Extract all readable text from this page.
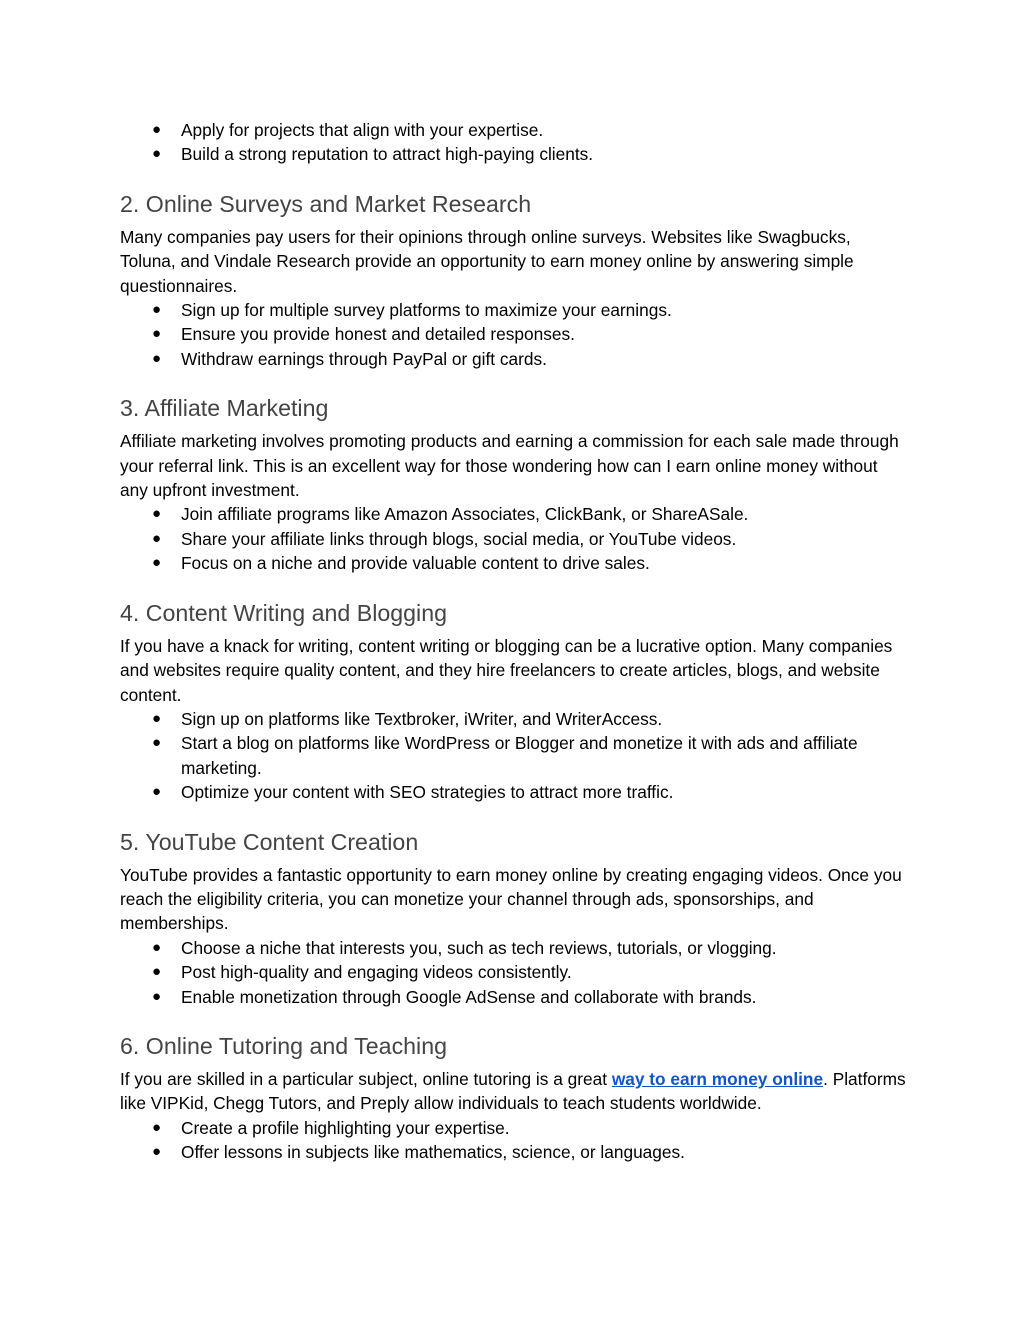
● Apply for projects that align with your expertise.
● Build a strong reputation to attract high-paying clients.
2. Online Surveys and Market Research

Many companies pay users for their opinions through online surveys. Websites like Swagbucks, Toluna, and Vindale Research provide an opportunity to earn money online by answering simple questionnaires.

● Sign up for multiple survey platforms to maximize your earnings.
● Ensure you provide honest and detailed responses.
● Withdraw earnings through PayPal or gift cards.
3. Affiliate Marketing

Affiliate marketing involves promoting products and earning a commission for each sale made through your referral link. This is an excellent way for those wondering how can I earn online money without any upfront investment.

● Join affiliate programs like Amazon Associates, ClickBank, or ShareASale.
● Share your affiliate links through blogs, social media, or YouTube videos.
● Focus on a niche and provide valuable content to drive sales.
4. Content Writing and Blogging

If you have a knack for writing, content writing or blogging can be a lucrative option. Many companies and websites require quality content, and they hire freelancers to create articles, blogs, and website content.

● Sign up on platforms like Textbroker, iWriter, and WriterAccess.
● Start a blog on platforms like WordPress or Blogger and monetize it with ads and affiliate marketing.
● Optimize your content with SEO strategies to attract more traffic.
5. YouTube Content Creation

YouTube provides a fantastic opportunity to earn money online by creating engaging videos. Once you reach the eligibility criteria, you can monetize your channel through ads, sponsorships, and memberships.

● Choose a niche that interests you, such as tech reviews, tutorials, or vlogging.
● Post high-quality and engaging videos consistently.
● Enable monetization through Google AdSense and collaborate with brands.
6. Online Tutoring and Teaching

If you are skilled in a particular subject, online tutoring is a great way to earn money online. Platforms like VIPKid, Chegg Tutors, and Preply allow individuals to teach students worldwide.

● Create a profile highlighting your expertise.
● Offer lessons in subjects like mathematics, science, or languages.
